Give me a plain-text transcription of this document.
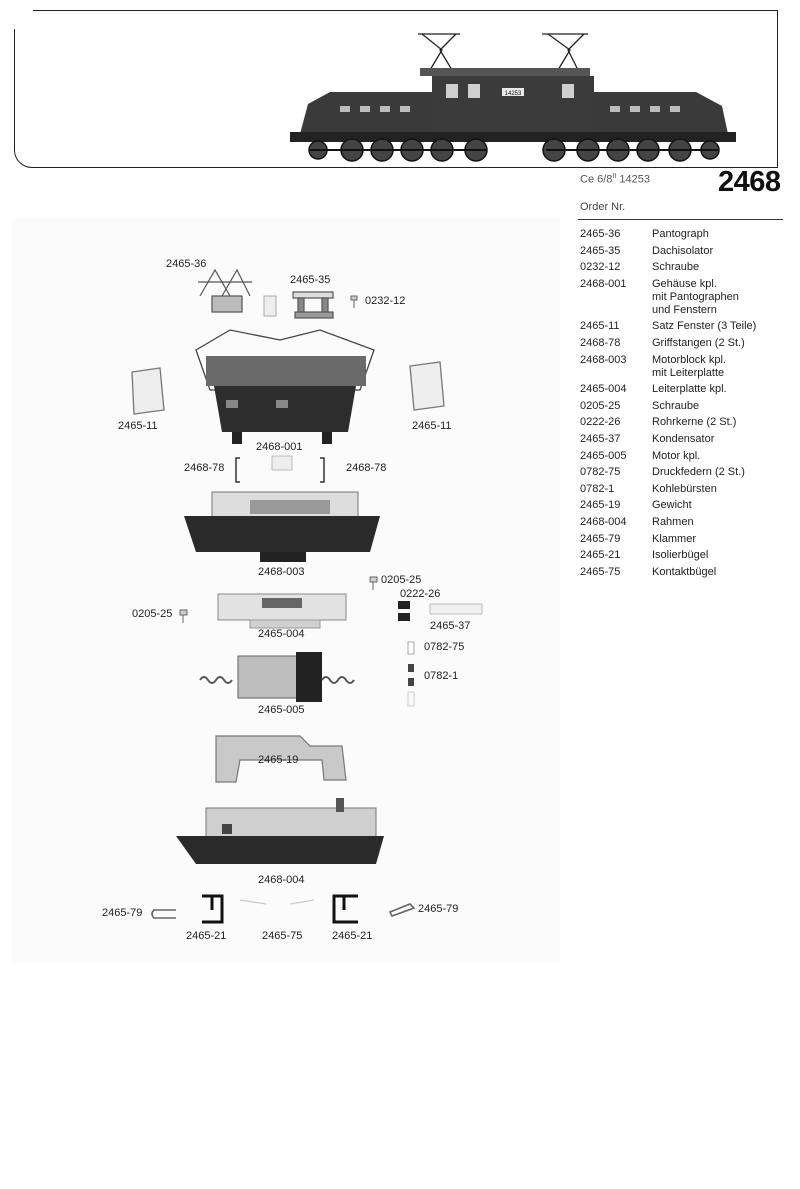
14253
Ce $6/8^{II}$ 14253 2468
Order Nr.
2465-36	Pantograph
2465-35	Dachisolator
0232-12	Schraube
2468-001	Gehäuse kpl.
mit Pantographen
und Fenstern
2465-11	Satz Fenster (3 Teile)
2468-78	Griffstangen (2 St.)
2468-003	Motorblock kpl.
mit Leiterplatte
2465-004	Leiterplatte kpl.
0205-25	Schraube
0222-26	Rohrkerne (2 St.)
2465-37	Kondensator
2465-005	Motor kpl.
0782-75	Druckfedern (2 St.)
0782-1	Kohlebürsten
2465-19	Gewicht
2468-004	Rahmen
2465-79	Klammer
2465-21	Isolierbügel
2465-75	Kontaktbügel
2465-36
2465-35
0232-12
2465-11	2465-11
2468-001
2468-78	2468-78
2468-003
0205-25
0222-26
0205-25
2465-004
2465-37
0782-75
0782-1
2465-005
2465-19
2468-004
2465-79	2465-79
2465-21	2465-75	2465-21
